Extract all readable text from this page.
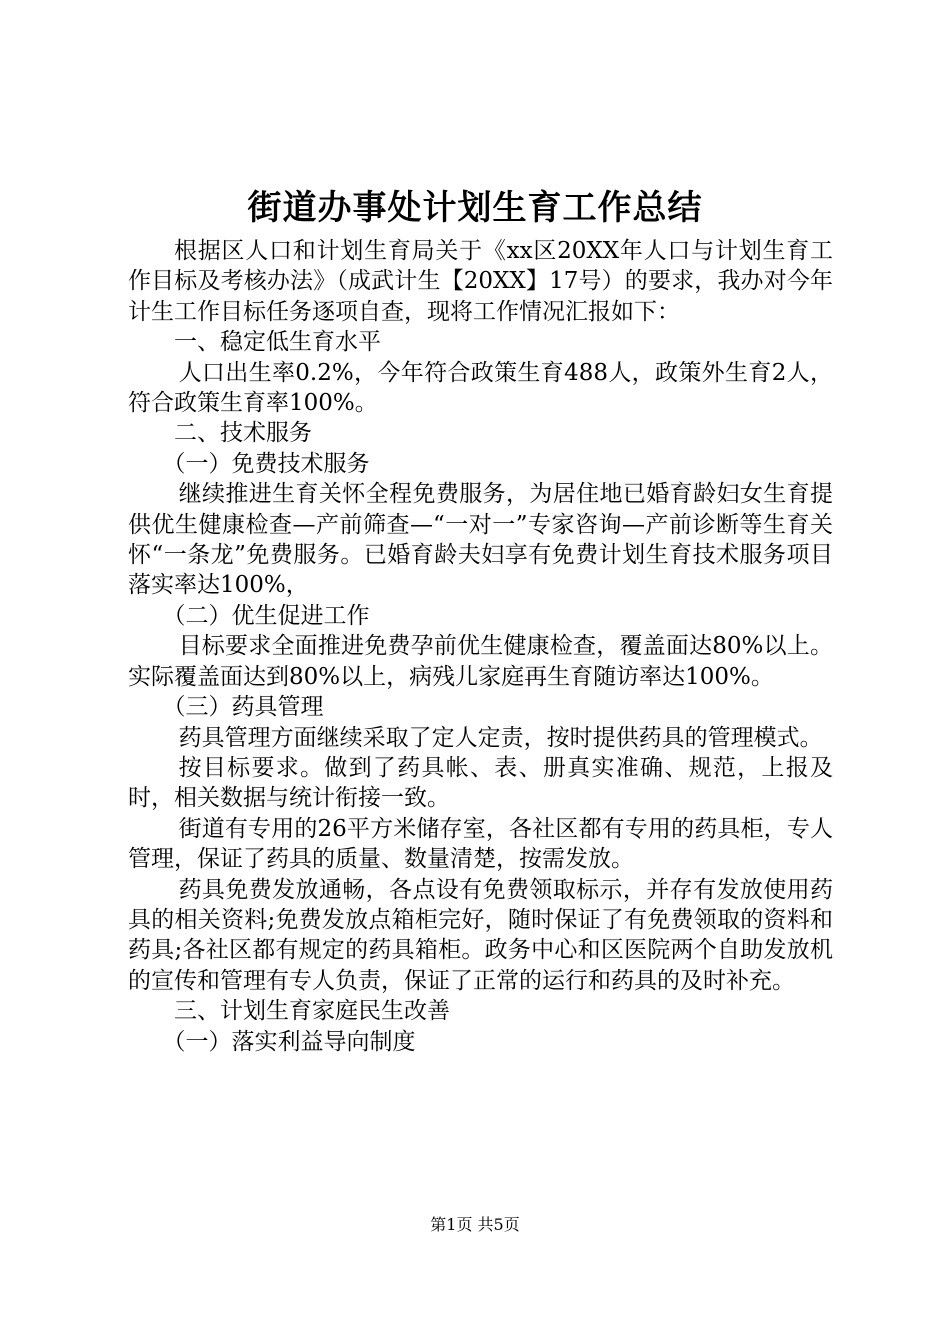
街道办事处计划生育工作总结

根据区人口和计划生育局关于《xx区20XX年人口与计划生育工作目标及考核办法》（成武计生【20XX】17号）的要求，我办对今年计生工作目标任务逐项自查，现将工作情况汇报如下：

一、稳定低生育水平

人口出生率0.2%，今年符合政策生育488人，政策外生育2人，符合政策生育率100%。

二、技术服务

（一）免费技术服务

继续推进生育关怀全程免费服务，为居住地已婚育龄妇女生育提供优生健康检查—产前筛查—“一对一”专家咨询—产前诊断等生育关怀“一条龙”免费服务。已婚育龄夫妇享有免费计划生育技术服务项目落实率达100%，

（二）优生促进工作

目标要求全面推进免费孕前优生健康检查，覆盖面达80%以上。实际覆盖面达到80%以上，病残儿家庭再生育随访率达100%。

（三）药具管理

药具管理方面继续采取了定人定责，按时提供药具的管理模式。

按目标要求。做到了药具帐、表、册真实准确、规范，上报及时，相关数据与统计衔接一致。

街道有专用的26平方米储存室，各社区都有专用的药具柜，专人管理，保证了药具的质量、数量清楚，按需发放。

药具免费发放通畅，各点设有免费领取标示，并存有发放使用药具的相关资料;免费发放点箱柜完好，随时保证了有免费领取的资料和药具;各社区都有规定的药具箱柜。政务中心和区医院两个自助发放机的宣传和管理有专人负责，保证了正常的运行和药具的及时补充。

三、计划生育家庭民生改善

（一）落实利益导向制度

第1页 共5页
